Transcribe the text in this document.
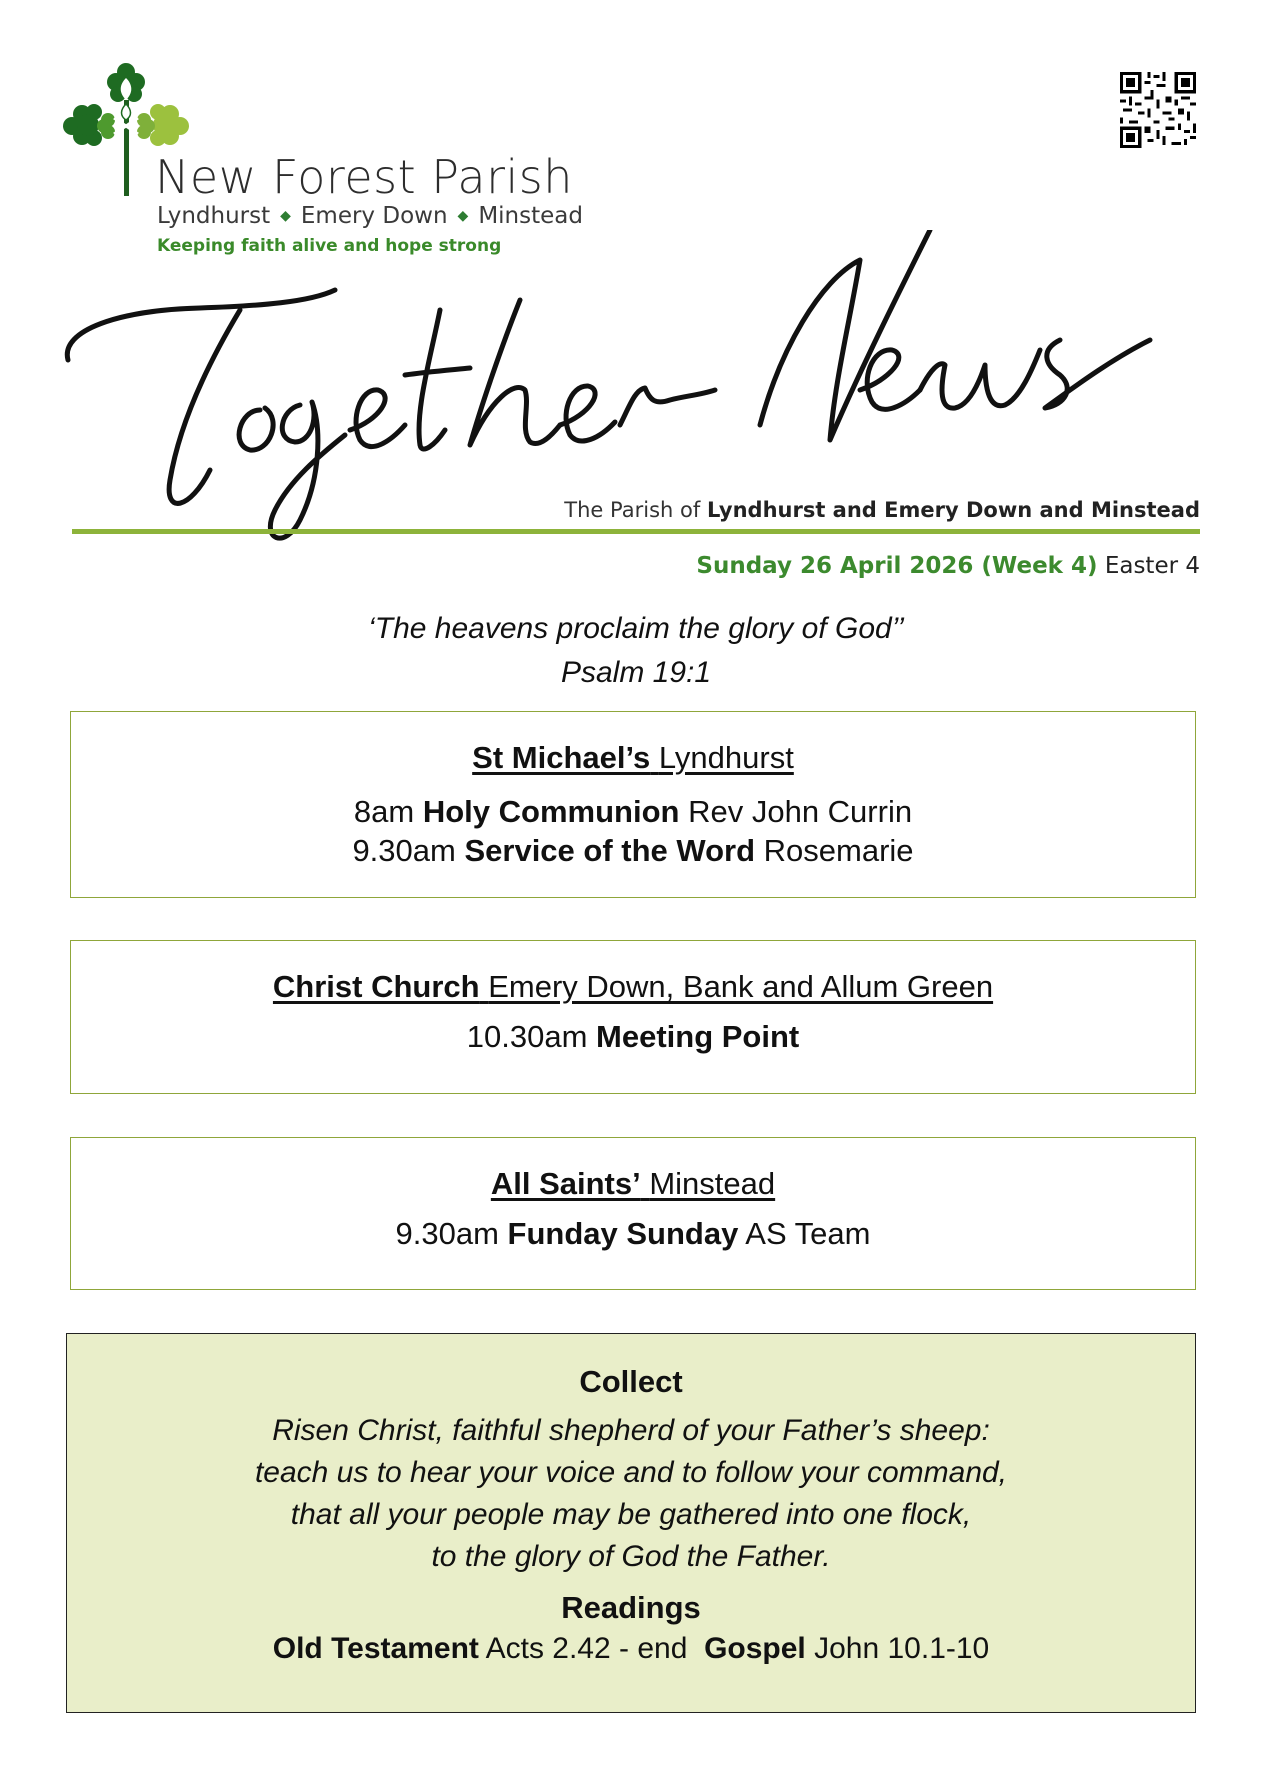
New Forest Parish
Lyndhurst ◆ Emery Down ◆ Minstead
Keeping faith alive and hope strong
The Parish of Lyndhurst and Emery Down and Minstead
Sunday 26 April 2026 (Week 4) Easter 4
‘The heavens proclaim the glory of God’’
Psalm 19:1
St Michael’s Lyndhurst
8am Holy Communion Rev John Currin
9.30am Service of the Word Rosemarie
Christ Church Emery Down, Bank and Allum Green
10.30am Meeting Point
All Saints’ Minstead
9.30am Funday Sunday AS Team
Collect
Risen Christ, faithful shepherd of your Father’s sheep:
teach us to hear your voice and to follow your command,
that all your people may be gathered into one flock,
to the glory of God the Father.
Readings
Old Testament Acts 2.42 - end Gospel John 10.1-10
